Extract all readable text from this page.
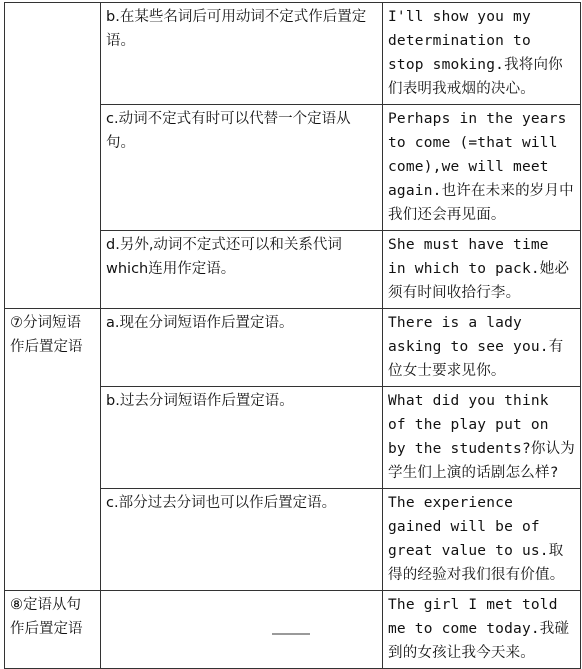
	b.在某些名词后可用动词不定式作后置定语。	I'll show you my determination to stop smoking.我将向你们表明我戒烟的决心。
	c.动词不定式有时可以代替一个定语从句。	Perhaps in the years to come (=that will come),we will meet again.也许在未来的岁月中我们还会再见面。
	d.另外,动词不定式还可以和关系代词which连用作定语。	She must have time in which to pack.她必须有时间收拾行李。
⑦分词短语作后置定语	a.现在分词短语作后置定语。	There is a lady asking to see you.有位女士要求见你。
	b.过去分词短语作后置定语。	What did you think of the play put on by the students?你认为学生们上演的话剧怎么样?
	c.部分过去分词也可以作后置定语。	The experience gained will be of great value to us.取得的经验对我们很有价值。
⑧定语从句作后置定语		The girl I met told me to come today.我碰到的女孩让我今天来。
